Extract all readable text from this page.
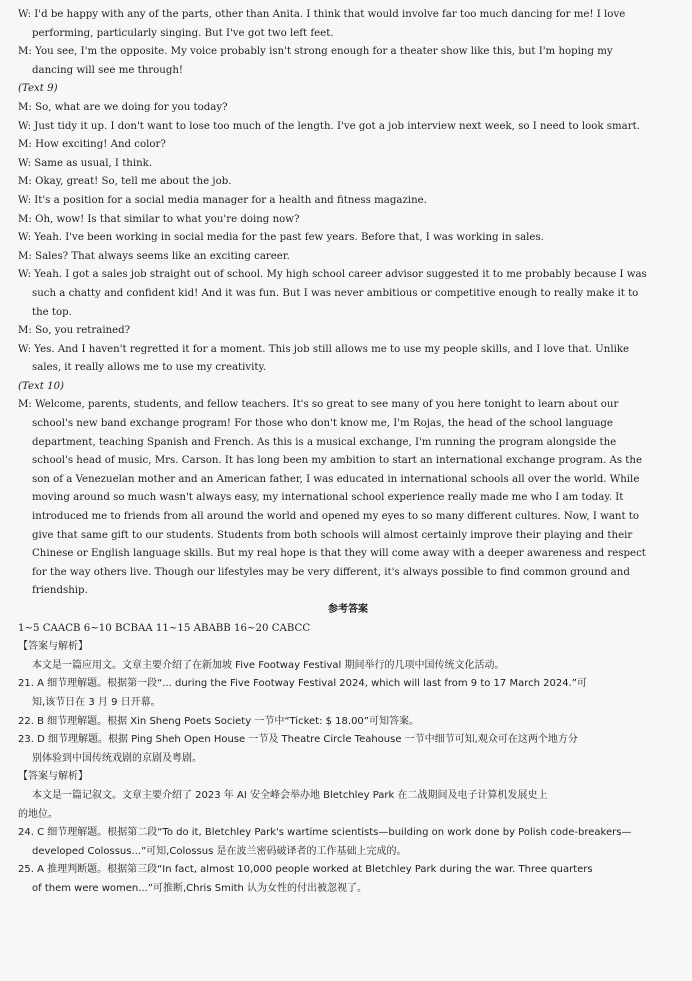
W: I'd be happy with any of the parts, other than Anita. I think that would involve far too much dancing for me! I love
performing, particularly singing. But I've got two left feet.
M: You see, I'm the opposite. My voice probably isn't strong enough for a theater show like this, but I'm hoping my
dancing will see me through!
(Text 9)
M: So, what are we doing for you today?
W: Just tidy it up. I don't want to lose too much of the length. I've got a job interview next week, so I need to look smart.
M: How exciting! And color?
W: Same as usual, I think.
M: Okay, great! So, tell me about the job.
W: It's a position for a social media manager for a health and fitness magazine.
M: Oh, wow! Is that similar to what you're doing now?
W: Yeah. I've been working in social media for the past few years. Before that, I was working in sales.
M: Sales? That always seems like an exciting career.
W: Yeah. I got a sales job straight out of school. My high school career advisor suggested it to me probably because I was
such a chatty and confident kid! And it was fun. But I was never ambitious or competitive enough to really make it to
the top.
M: So, you retrained?
W: Yes. And I haven't regretted it for a moment. This job still allows me to use my people skills, and I love that. Unlike
sales, it really allows me to use my creativity.
(Text 10)
M: Welcome, parents, students, and fellow teachers. It's so great to see many of you here tonight to learn about our
school's new band exchange program! For those who don't know me, I'm Rojas, the head of the school language
department, teaching Spanish and French. As this is a musical exchange, I'm running the program alongside the
school's head of music, Mrs. Carson. It has long been my ambition to start an international exchange program. As the
son of a Venezuelan mother and an American father, I was educated in international schools all over the world. While
moving around so much wasn't always easy, my international school experience really made me who I am today. It
introduced me to friends from all around the world and opened my eyes to so many different cultures. Now, I want to
give that same gift to our students. Students from both schools will almost certainly improve their playing and their
Chinese or English language skills. But my real hope is that they will come away with a deeper awareness and respect
for the way others live. Though our lifestyles may be very different, it's always possible to find common ground and
friendship.
参考答案
1~5 CAACB 6~10 BCBAA 11~15 ABABB 16~20 CABCC
【答案与解析】
本文是一篇应用文。文章主要介绍了在新加坡 Five Footway Festival 期间举行的几项中国传统文化活动。
21. A 细节理解题。根据第一段“... during the Five Footway Festival 2024, which will last from 9 to 17 March 2024.”可
知,该节日在 3 月 9 日开幕。
22. B 细节理解题。根据 Xin Sheng Poets Society 一节中“Ticket: $ 18.00”可知答案。
23. D 细节理解题。根据 Ping Sheh Open House 一节及 Theatre Circle Teahouse 一节中细节可知,观众可在这两个地方分
别体验到中国传统戏剧的京剧及粤剧。
【答案与解析】
本文是一篇记叙文。文章主要介绍了 2023 年 AI 安全峰会举办地 Bletchley Park 在二战期间及电子计算机发展史上
的地位。
24. C 细节理解题。根据第二段“To do it, Bletchley Park's wartime scientists—building on work done by Polish code-breakers—
developed Colossus...”可知,Colossus 是在波兰密码破译者的工作基础上完成的。
25. A 推理判断题。根据第三段“In fact, almost 10,000 people worked at Bletchley Park during the war. Three quarters
of them were women...”可推断,Chris Smith 认为女性的付出被忽视了。
